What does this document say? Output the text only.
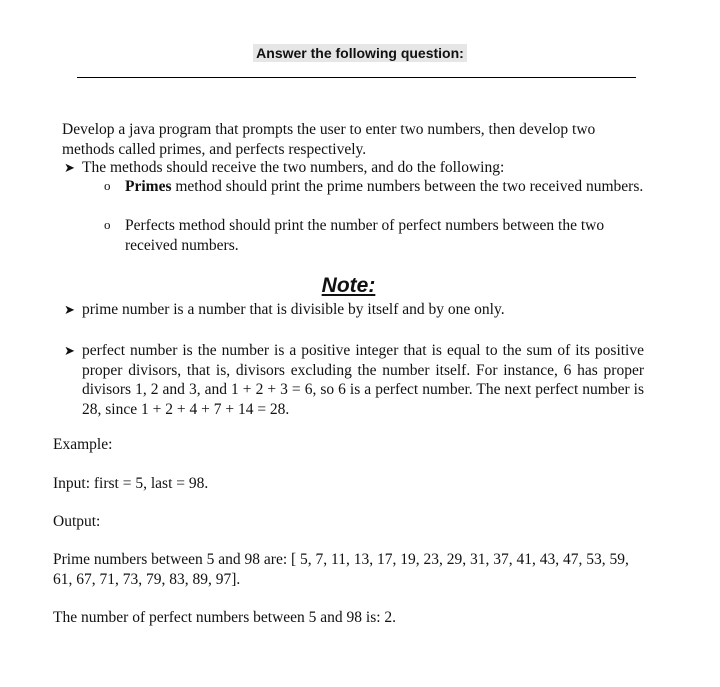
Answer the following question:
Develop a java program that prompts the user to enter two numbers, then develop two methods called primes, and perfects respectively.
➤ The methods should receive the two numbers, and do the following:
o Primes method should print the prime numbers between the two received numbers.
o Perfects method should print the number of perfect numbers between the two received numbers.
Note:
➤ prime number is a number that is divisible by itself and by one only.
➤ perfect number is the number is a positive integer that is equal to the sum of its positive proper divisors, that is, divisors excluding the number itself. For instance, 6 has proper divisors 1, 2 and 3, and 1 + 2 + 3 = 6, so 6 is a perfect number. The next perfect number is 28, since 1 + 2 + 4 + 7 + 14 = 28.
Example:
Input: first = 5, last = 98.
Output:
Prime numbers between 5 and 98 are: [ 5, 7, 11, 13, 17, 19, 23, 29, 31, 37, 41, 43, 47, 53, 59, 61, 67, 71, 73, 79, 83, 89, 97].
The number of perfect numbers between 5 and 98 is: 2.
